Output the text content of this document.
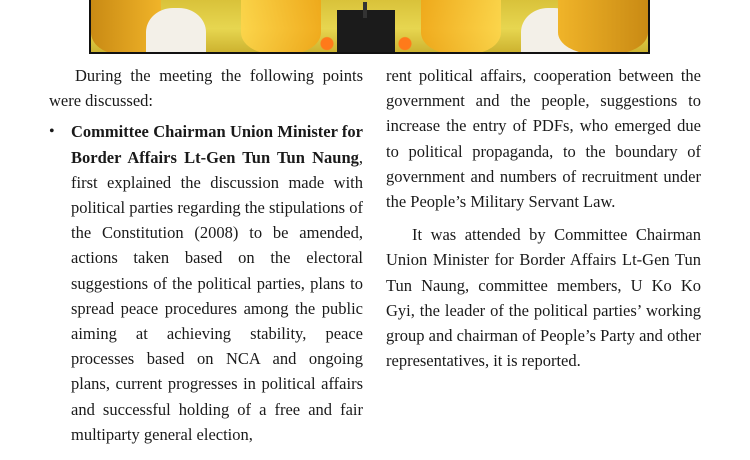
During the meeting the following points were discussed:

• Committee Chairman Union Minister for Border Affairs Lt-Gen Tun Tun Naung, first explained the discussion made with political parties regarding the stipulations of the Constitution (2008) to be amended, actions taken based on the electoral suggestions of the political parties, plans to spread peace procedures among the public aiming at achieving stability, peace processes based on NCA and ongoing plans, current progresses in political affairs and successful holding of a free and fair multiparty general election,

rent political affairs, cooperation between the government and the people, suggestions to increase the entry of PDFs, who emerged due to political propaganda, to the boundary of government and numbers of recruitment under the People’s Military Servant Law.

It was attended by Committee Chairman Union Minister for Border Affairs Lt-Gen Tun Tun Naung, committee members, U Ko Ko Gyi, the leader of the political parties’ working group and chairman of People’s Party and other representatives, it is reported.
